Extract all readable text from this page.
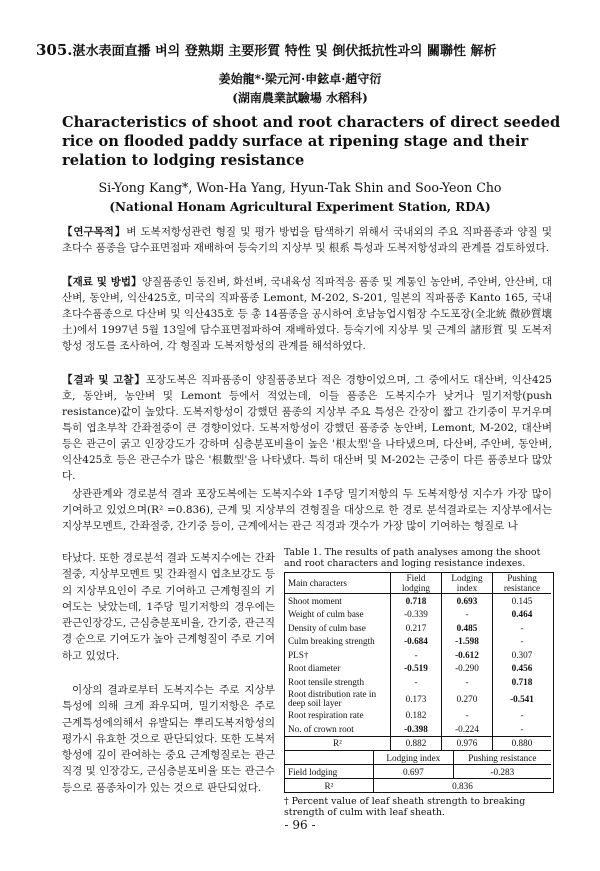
305.湛水表面直播 벼의 登熟期 主要形質 特性 및 倒伏抵抗性과의 關聯性 解析
姜始龍*·梁元河·申鉉卓·趙守衍
(湖南農業試驗場 水稻科)
Characteristics of shoot and root characters of direct seeded rice on flooded paddy surface at ripening stage and their relation to lodging resistance
Si-Yong Kang*, Won-Ha Yang, Hyun-Tak Shin and Soo-Yeon Cho
(National Honam Agricultural Experiment Station, RDA)
【연구목적】벼 도복저항성관련 형질 및 평가 방법을 탐색하기 위해서 국내외의 주요 직파품종과 양질 및 초다수 품종을 담수표면점파 재배하여 등숙기의 지상부 및 根系 특성과 도복저항성과의 관계를 검토하였다.
【재료 및 방법】양질품종인 동진벼, 화선벼, 국내육성 직파적응 품종 및 계통인 농안벼, 주안벼, 안산벼, 대산벼, 동안벼, 익산425호, 미국의 직파품종 Lemont, M-202, S-201, 일본의 직파품종 Kanto 165, 국내 초다수품종으로 다산벼 및 익산435호 등 총 14품종을 공시하여 호남농업시험장 수도포장(全北統 微砂質壤土)에서 1997년 5월 13일에 담수표면점파하여 재배하였다. 등숙기에 지상부 및 근계의 諸形質 및 도복저항성 정도를 조사하여, 각 형질과 도복저항성의 관계를 해석하였다.
【결과 및 고찰】포장도복은 직파품종이 양질품종보다 적은 경향이었으며, 그 중에서도 대산벼, 익산425호, 동안벼, 농안벼 및 Lemont 등에서 적었는데, 이들 품종은 도복지수가 낮거나 밀기저항(push resistance)값이 높았다. 도복저항성이 강했던 품종의 지상부 주요 특성은 간장이 짧고 간기중이 무거우며 특히 엽초부착 간좌절중이 큰 경향이었다. 도복저항성이 강했던 품종중 농안벼, Lemont, M-202, 대산벼 등은 관근이 굵고 인장강도가 강하며 심층분포비율이 높은 '根太型'을 나타냈으며, 다산벼, 주안벼, 동안벼, 익산425호 등은 관근수가 많은 '根數型'을 나타냈다. 특히 대산벼 및 M-202는 근중이 다른 품종보다 많았다.
상관관계와 경로분석 결과 포장도복에는 도복지수와 1주당 밀기저항의 두 도복저항성 지수가 가장 많이 기여하고 있었으며(R² =0.836), 근계 및 지상부의 견형질을 대상으로 한 경로 분석결과로는 지상부에서는 지상부모멘트, 간좌절중, 간기중 등이, 근계에서는 관근 직경과 갯수가 가장 많이 기여하는 형질로 나
타났다. 또한 경로분석 결과 도복지수에는 간좌절중, 지상부모멘트 및 간좌절시 엽초보강도 등의 지상부요인이 주로 기여하고 근계형질의 기여도는 낮았는데, 1주당 밀기저항의 경우에는 관근인장강도, 근심층분포비율, 간기중, 관근직경 순으로 기여도가 높아 근계형질이 주로 기여하고 있었다.
이상의 결과로부터 도복지수는 주로 지상부특성에 의해 크게 좌우되며, 밀기저항은 주로 근계특성에의해서 유발되는 뿌리도복저항성의 평가시 유효한 것으로 판단되었다. 또한 도복저항성에 깊이 관여하는 중요 근계형질로는 관근직경 및 인장강도, 근심층분포비율 또는 관근수 등으로 품종차이가 있는 것으로 판단되었다.
Table 1. The results of path analyses among the shoot and root characters and loging resistance indexes.
Main characters	Field lodging	Lodging index	Pushing resistance
Shoot moment	0.718	0.693	0.145
Weight of culm base	-0.339	-	0.464
Density of culm base	0.217	0.485	-
Culm breaking strength	-0.684	-1.598	-
PLS†	-	-0.612	0.307
Root diameter	-0.519	-0.290	0.456
Root tensile strength	-	-	0.718
Root distribution rate in deep soil layer	0.173	0.270	-0.541
Root respiration rate	0.182	-	-
No. of crown root	-0.398	-0.224	-
R²	0.882	0.976	0.880
	Lodging index	Pushing resistance
Field lodging	0.697	-0.283
R²	0.836	
† Percent value of leaf sheath strength to breaking strength of culm with leaf sheath.
- 96 -
